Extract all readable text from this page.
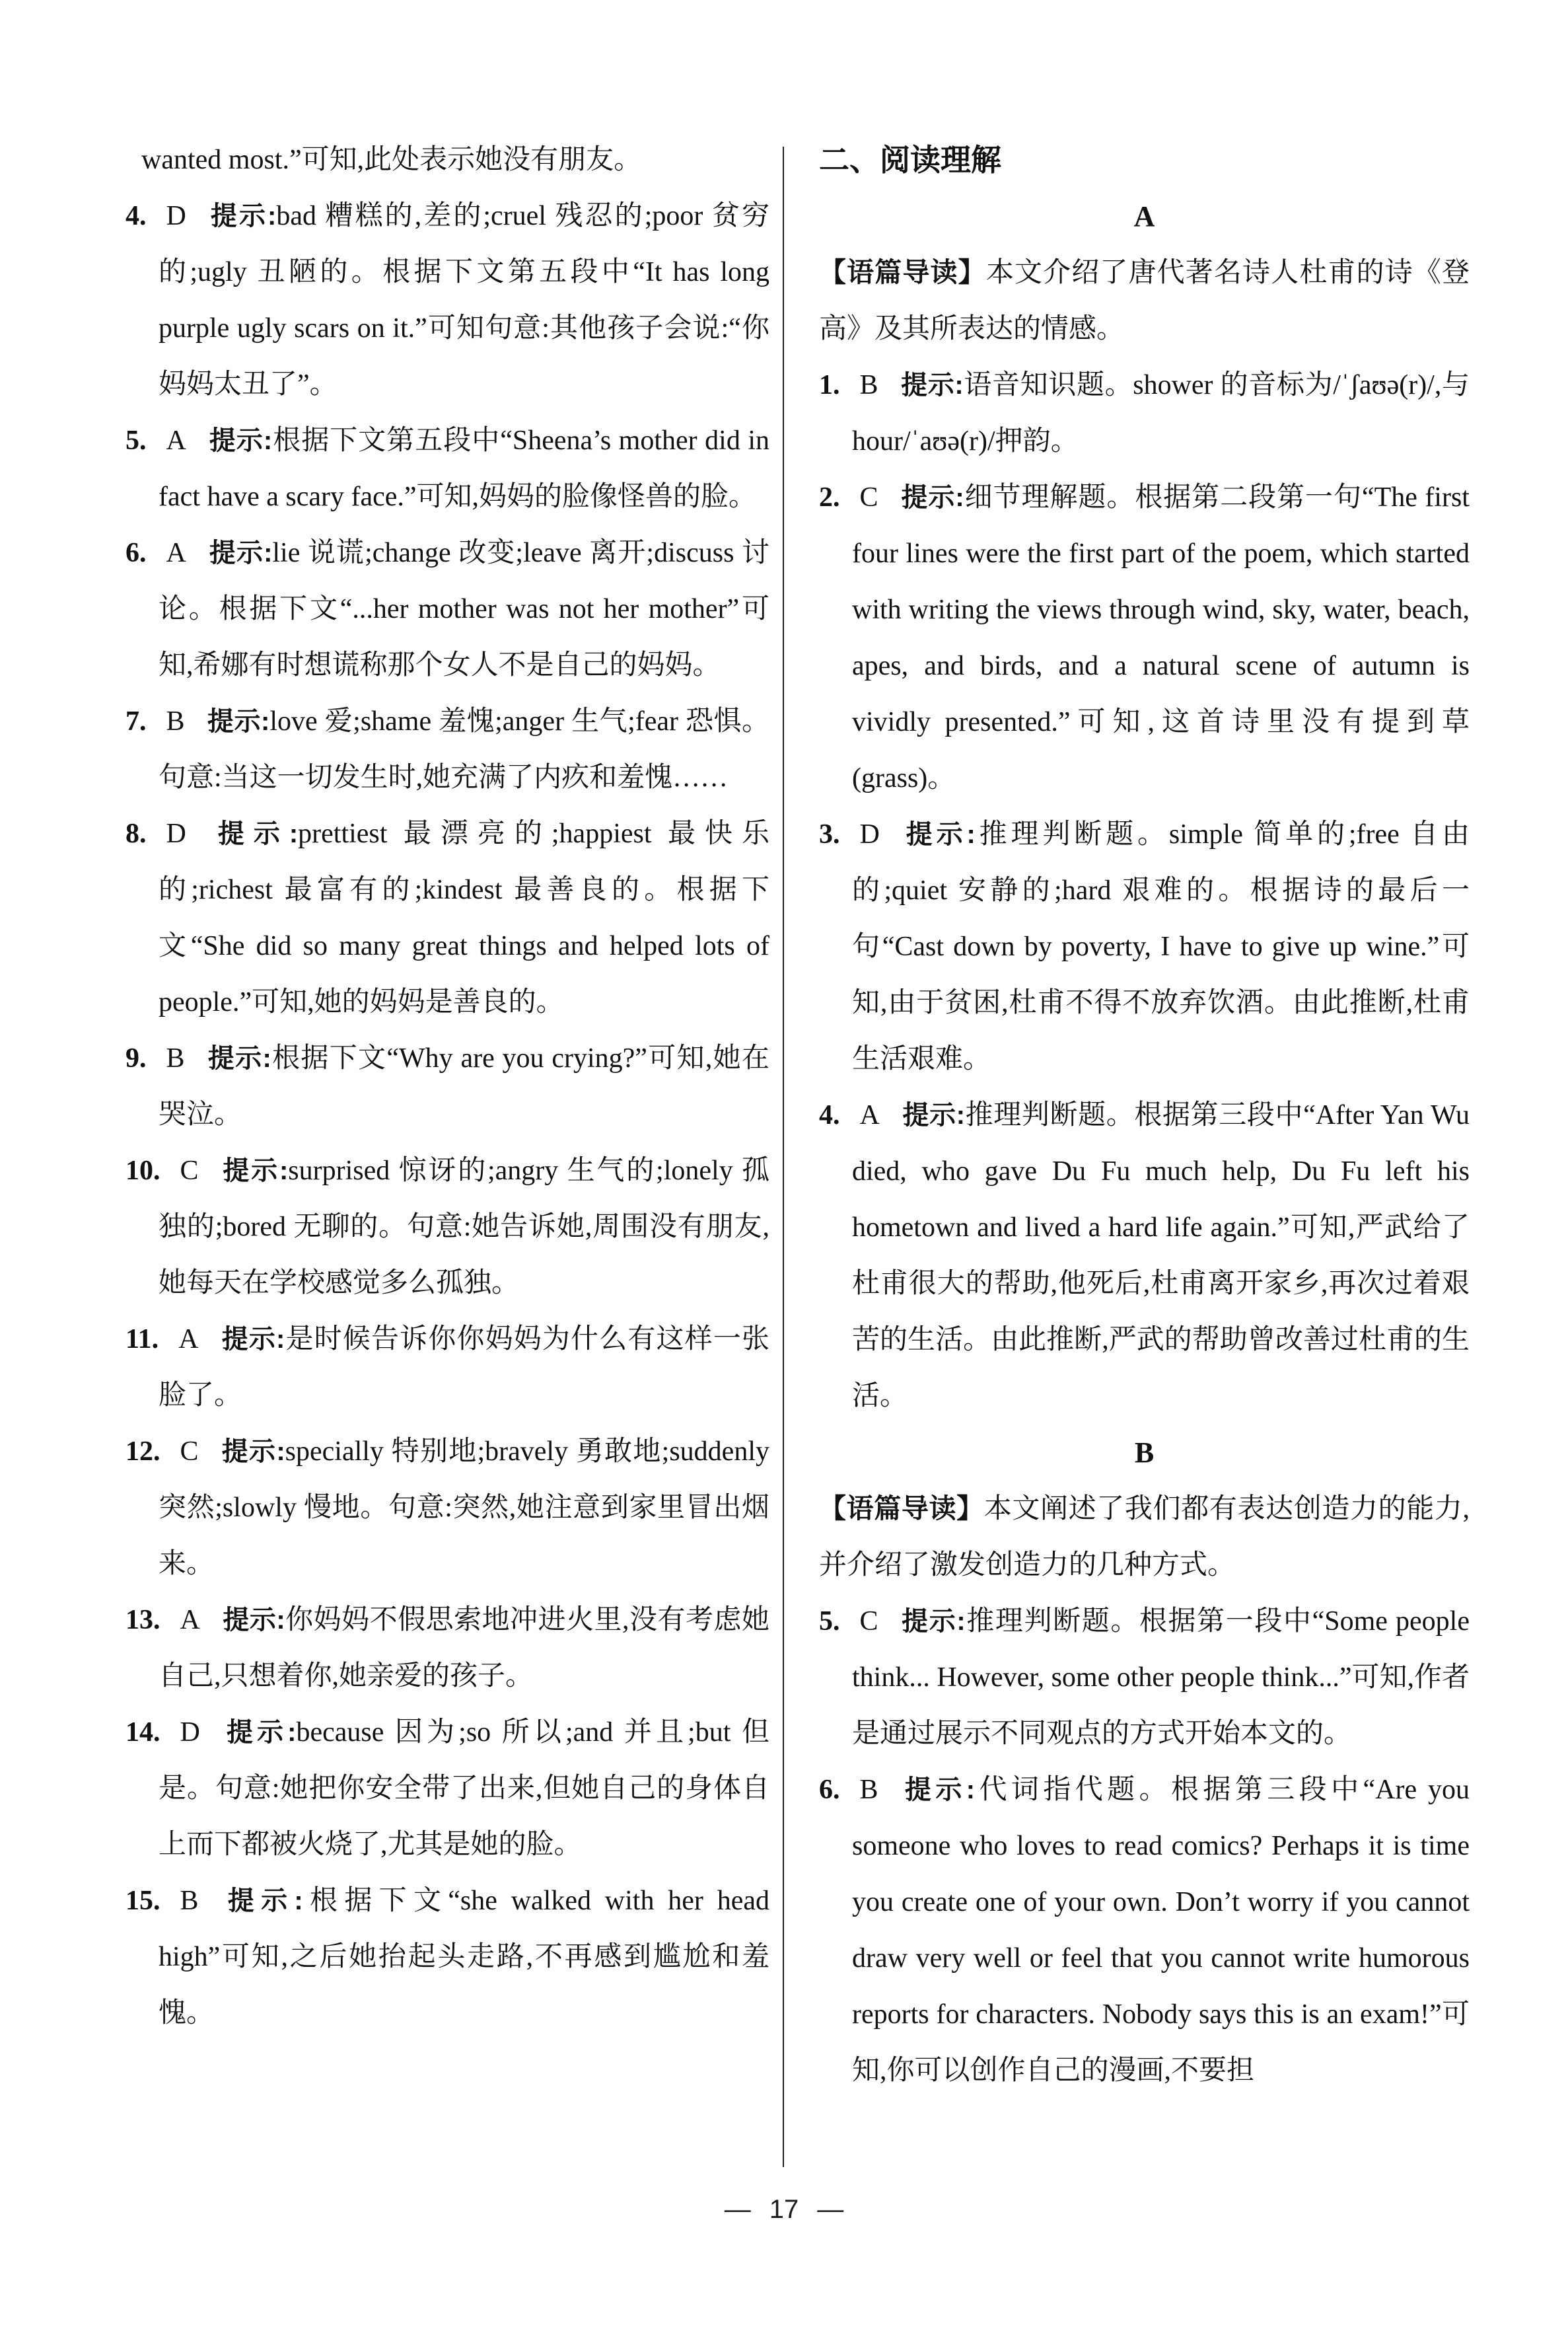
wanted most.”可知,此处表示她没有朋友。

4. D 提示:bad 糟糕的,差的;cruel 残忍的;poor 贫穷的;ugly 丑陋的。根据下文第五段中“It has long purple ugly scars on it.”可知句意:其他孩子会说:“你妈妈太丑了”。

5. A 提示:根据下文第五段中“Sheena’s mother did in fact have a scary face.”可知,妈妈的脸像怪兽的脸。

6. A 提示:lie 说谎;change 改变;leave 离开;discuss 讨论。根据下文“...her mother was not her mother”可知,希娜有时想谎称那个女人不是自己的妈妈。

7. B 提示:love 爱;shame 羞愧;anger 生气;fear 恐惧。句意:当这一切发生时,她充满了内疚和羞愧……

8. D 提示:prettiest 最漂亮的;happiest 最快乐的;richest 最富有的;kindest 最善良的。根据下文“She did so many great things and helped lots of people.”可知,她的妈妈是善良的。

9. B 提示:根据下文“Why are you crying?”可知,她在哭泣。

10. C 提示:surprised 惊讶的;angry 生气的;lonely 孤独的;bored 无聊的。句意:她告诉她,周围没有朋友,她每天在学校感觉多么孤独。

11. A 提示:是时候告诉你你妈妈为什么有这样一张脸了。

12. C 提示:specially 特别地;bravely 勇敢地;suddenly 突然;slowly 慢地。句意:突然,她注意到家里冒出烟来。

13. A 提示:你妈妈不假思索地冲进火里,没有考虑她自己,只想着你,她亲爱的孩子。

14. D 提示:because 因为;so 所以;and 并且;but 但是。句意:她把你安全带了出来,但她自己的身体自上而下都被火烧了,尤其是她的脸。

15. B 提示:根据下文“she walked with her head high”可知,之后她抬起头走路,不再感到尴尬和羞愧。

二、阅读理解

A

【语篇导读】本文介绍了唐代著名诗人杜甫的诗《登高》及其所表达的情感。

1. B 提示:语音知识题。shower 的音标为/ˈʃaʊə(r)/,与 hour/ˈaʊə(r)/押韵。

2. C 提示:细节理解题。根据第二段第一句“The first four lines were the first part of the poem, which started with writing the views through wind, sky, water, beach, apes, and birds, and a natural scene of autumn is vividly presented.”可知,这首诗里没有提到草(grass)。

3. D 提示:推理判断题。simple 简单的;free 自由的;quiet 安静的;hard 艰难的。根据诗的最后一句“Cast down by poverty, I have to give up wine.”可知,由于贫困,杜甫不得不放弃饮酒。由此推断,杜甫生活艰难。

4. A 提示:推理判断题。根据第三段中“After Yan Wu died, who gave Du Fu much help, Du Fu left his hometown and lived a hard life again.”可知,严武给了杜甫很大的帮助,他死后,杜甫离开家乡,再次过着艰苦的生活。由此推断,严武的帮助曾改善过杜甫的生活。

B

【语篇导读】本文阐述了我们都有表达创造力的能力,并介绍了激发创造力的几种方式。

5. C 提示:推理判断题。根据第一段中“Some people think... However, some other people think...”可知,作者是通过展示不同观点的方式开始本文的。

6. B 提示:代词指代题。根据第三段中“Are you someone who loves to read comics? Perhaps it is time you create one of your own. Don’t worry if you cannot draw very well or feel that you cannot write humorous reports for characters. Nobody says this is an exam!”可知,你可以创作自己的漫画,不要担

— 17 —
